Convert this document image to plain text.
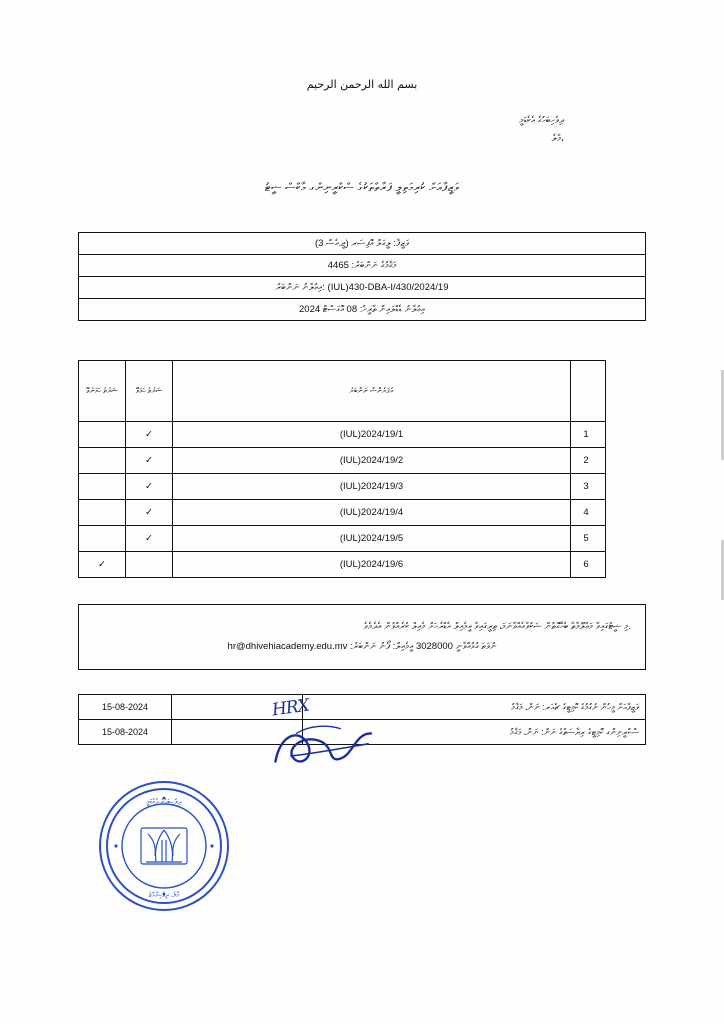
بسم الله الرحمن الرحيم
ދިވެހިބަހުގެ އެކެޑަމީ
މާލެ،
ވަޒީފާއަށް ކުރިމަތިލީ ފަރާތްތަކުގެ ސްކްރީނިންގ މާކްސް ޝީޓު
ވަޒީފާ: ލީގަލް އޮފިސަރ (ޖީ.އެސް 3)
މަޤާމުގެ ނަންބަރު: 4465
އިޢުލާނު ނަންބަރު: (IUL)430-DBA-I/430/2024/19
އިޢުލާނު ޑެޑްލައިން ތާރީޚު: 08 އޮގަސްޓް 2024
ޝަރުތު ހަމަނުވޭ	ޝަރުތު ހަމަވޭ	ރެފަރެންސް ނަންބަރު	
	✓	(IUL)2024/19/1	1
	✓	(IUL)2024/19/2	2
	✓	(IUL)2024/19/3	3
	✓	(IUL)2024/19/4	4
	✓	(IUL)2024/19/5	5
✓		(IUL)2024/19/6	6
މި ޝީޓުގައިވާ މަޢުލޫމާތާ ބެހޭގޮތުން ޝަކުވާއެއްވާނަމަ، ތިރީގައިވާ އީމެއިލް އެޑްރެހަށް މެއިލް ކުރެއްވުން އެދެމެވެ.
ނުވަތަ ގުޅުއްވާނީ 3028000 އީމެއިލް: ފޯނު ނަންބަރު: hr@dhivehiacademy.edu.mv
15-08-2024		ވަޒީފާއަށް މީހުން ނެގުމުގެ ކޮމިޓީގެ ޗެއަރ: ނަން، މަޤާމު
15-08-2024		ސްކްރީނިންގ ކޮމިޓީގެ ރިޔާސަތުގެ ނަން: ނަން، މަޤާމު
HRX
ދިވެހިބަހުގެ އެކެޑަމީ
މާލެ، ދިވެހިރާއްޖެ
